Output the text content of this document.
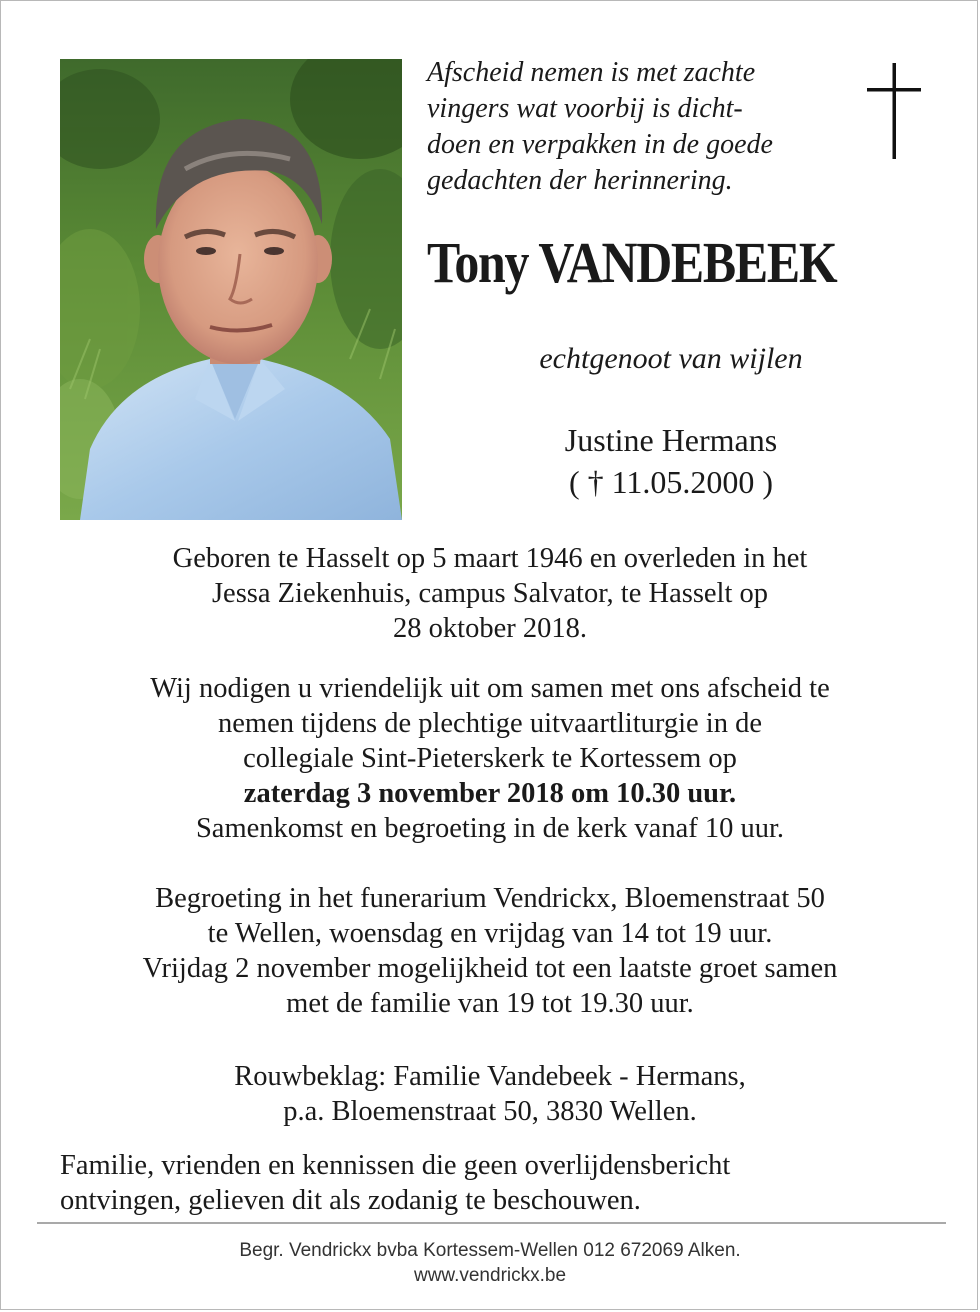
Afscheid nemen is met zachte
vingers wat voorbij is dicht-
doen en verpakken in de goede
gedachten der herinnering.
Tony VANDEBEEK
echtgenoot van wijlen
Justine Hermans
( † 11.05.2000 )
Geboren te Hasselt op 5 maart 1946 en overleden in het
Jessa Ziekenhuis, campus Salvator, te Hasselt op
28 oktober 2018.
Wij nodigen u vriendelijk uit om samen met ons afscheid te
nemen tijdens de plechtige uitvaartliturgie in de
collegiale Sint-Pieterskerk te Kortessem op
zaterdag 3 november 2018 om 10.30 uur.
Samenkomst en begroeting in de kerk vanaf 10 uur.
Begroeting in het funerarium Vendrickx, Bloemenstraat 50
te Wellen, woensdag en vrijdag van 14 tot 19 uur.
Vrijdag 2 november mogelijkheid tot een laatste groet samen
met de familie van 19 tot 19.30 uur.
Rouwbeklag: Familie Vandebeek - Hermans,
p.a. Bloemenstraat 50, 3830 Wellen.
Familie, vrienden en kennissen die geen overlijdensbericht
ontvingen, gelieven dit als zodanig te beschouwen.
Begr. Vendrickx bvba Kortessem-Wellen 012 672069 Alken.
www.vendrickx.be
